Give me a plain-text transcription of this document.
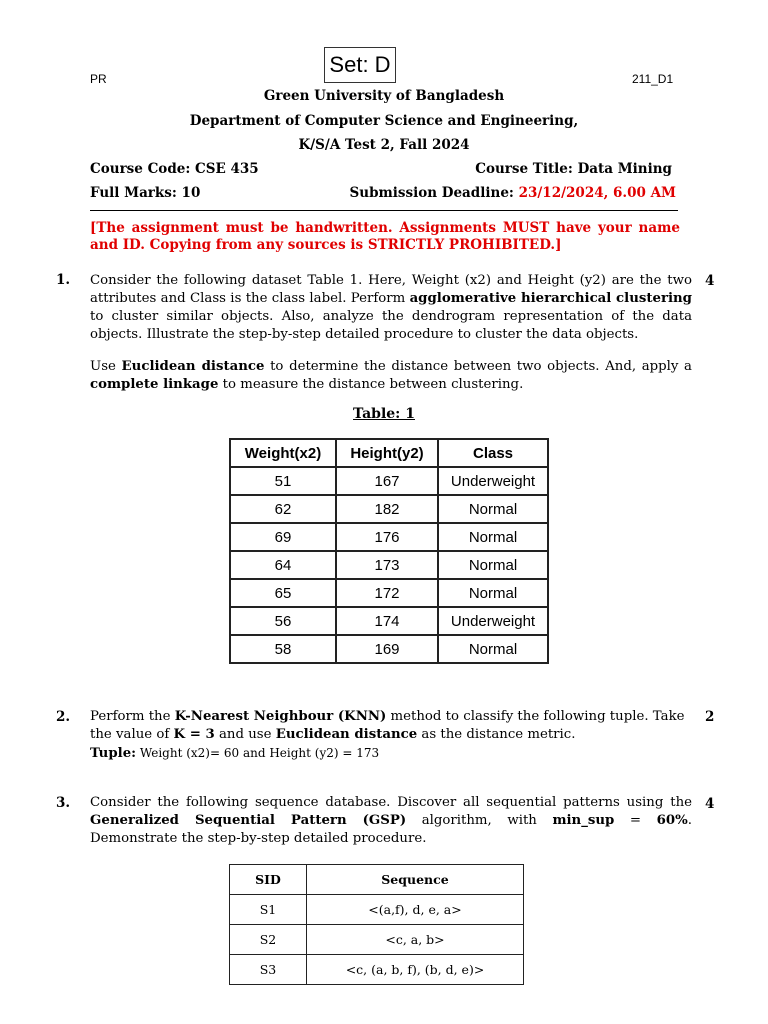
Set: D
PR	211_D1
Green University of Bangladesh
Department of Computer Science and Engineering,
K/S/A Test 2, Fall 2024
Course Code: CSE 435	Course Title: Data Mining
Full Marks: 10	Submission Deadline: 23/12/2024, 6.00 AM
[The assignment must be handwritten. Assignments MUST have your name and ID. Copying from any sources is STRICTLY PROHIBITED.]
1.	4
Consider the following dataset Table 1. Here, Weight (x2) and Height (y2) are the two attributes and Class is the class label. Perform agglomerative hierarchical clustering to cluster similar objects. Also, analyze the dendrogram representation of the data objects. Illustrate the step-by-step detailed procedure to cluster the data objects.
Use Euclidean distance to determine the distance between two objects. And, apply a complete linkage to measure the distance between clustering.
Table: 1
Weight(x2)	Height(y2)	Class
51	167	Underweight
62	182	Normal
69	176	Normal
64	173	Normal
65	172	Normal
56	174	Underweight
58	169	Normal
2.	2
Perform the K-Nearest Neighbour (KNN) method to classify the following tuple. Take
the value of K = 3 and use Euclidean distance as the distance metric.
Tuple: Weight (x2)= 60 and Height (y2) = 173
3.	4
Consider the following sequence database. Discover all sequential patterns using the Generalized Sequential Pattern (GSP) algorithm, with min_sup = 60%. Demonstrate the step-by-step detailed procedure.
SID	Sequence
S1	<(a,f), d, e, a>
S2	<c, a, b>
S3	<c, (a, b, f), (b, d, e)>
